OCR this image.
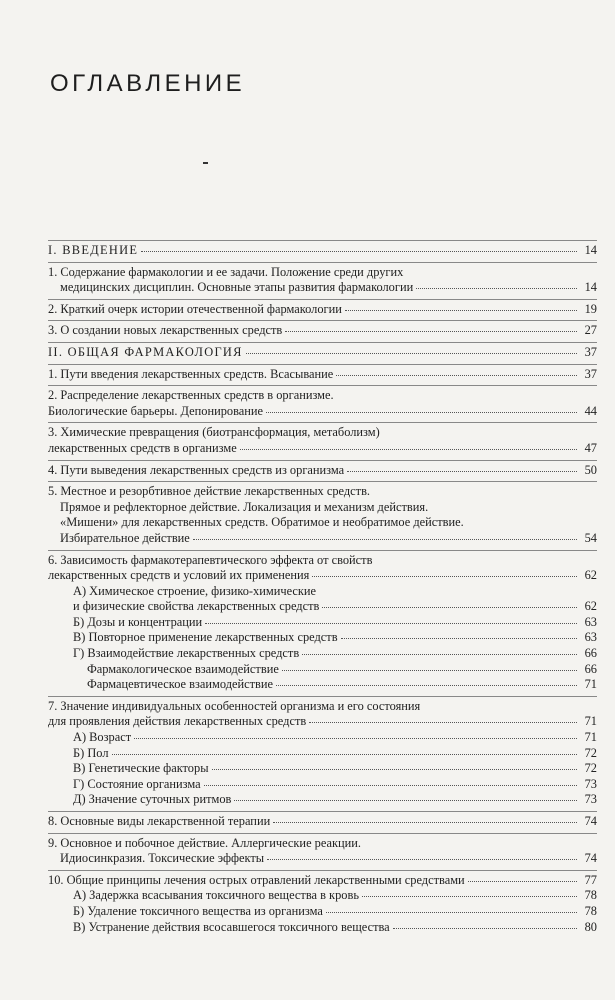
ОГЛАВЛЕНИЕ
I. ВВЕДЕНИЕ	14
1. Содержание фармакологии и ее задачи. Положение среди других
медицинских дисциплин. Основные этапы развития фармакологии	14
2. Краткий очерк истории отечественной фармакологии	19
3. О создании новых лекарственных средств	27
II. ОБЩАЯ ФАРМАКОЛОГИЯ	37
1. Пути введения лекарственных средств. Всасывание	37
2. Распределение лекарственных средств в организме.
Биологические барьеры. Депонирование	44
3. Химические превращения (биотрансформация, метаболизм)
лекарственных средств в организме	47
4. Пути выведения лекарственных средств из организма	50
5. Местное и резорбтивное действие лекарственных средств.
Прямое и рефлекторное действие. Локализация и механизм действия.
«Мишени» для лекарственных средств. Обратимое и необратимое действие.
Избирательное действие	54
6. Зависимость фармакотерапевтического эффекта от свойств
лекарственных средств и условий их применения	62
А) Химическое строение, физико-химические
и физические свойства лекарственных средств	62
Б) Дозы и концентрации	63
В) Повторное применение лекарственных средств	63
Г) Взаимодействие лекарственных средств	66
Фармакологическое взаимодействие	66
Фармацевтическое взаимодействие	71
7. Значение индивидуальных особенностей организма и его состояния
для проявления действия лекарственных средств	71
А) Возраст	71
Б) Пол	72
В) Генетические факторы	72
Г) Состояние организма	73
Д) Значение суточных ритмов	73
8. Основные виды лекарственной терапии	74
9. Основное и побочное действие. Аллергические реакции.
Идиосинкразия. Токсические эффекты	74
10. Общие принципы лечения острых отравлений лекарственными средствами	77
А) Задержка всасывания токсичного вещества в кровь	78
Б) Удаление токсичного вещества из организма	78
В) Устранение действия всосавшегося токсичного вещества	80
